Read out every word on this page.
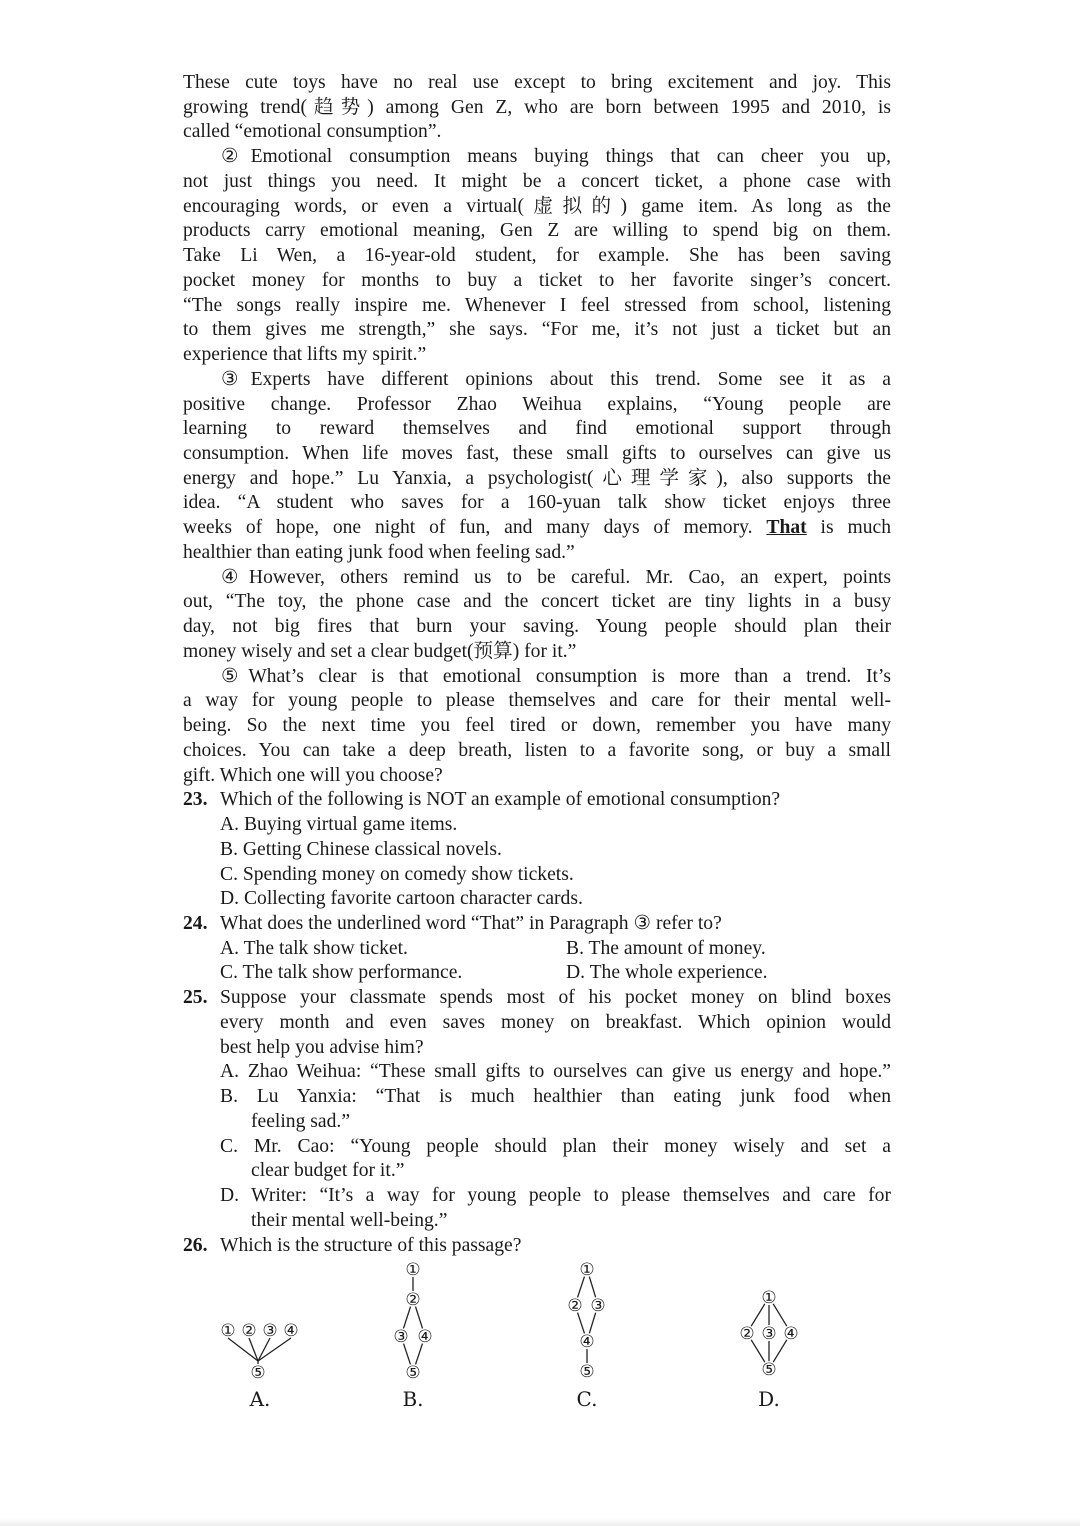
These cute toys have no real use except to bring excitement and joy. This
growing trend(趋势) among Gen Z, who are born between 1995 and 2010, is
called “emotional consumption”.
②Emotional consumption means buying things that can cheer you up,
not just things you need. It might be a concert ticket, a phone case with
encouraging words, or even a virtual(虚拟的) game item. As long as the
products carry emotional meaning, Gen Z are willing to spend big on them.
Take Li Wen, a 16-year-old student, for example. She has been saving
pocket money for months to buy a ticket to her favorite singer’s concert.
“The songs really inspire me. Whenever I feel stressed from school, listening
to them gives me strength,” she says. “For me, it’s not just a ticket but an
experience that lifts my spirit.”
③Experts have different opinions about this trend. Some see it as a
positive change. Professor Zhao Weihua explains, “Young people are
learning to reward themselves and find emotional support through
consumption. When life moves fast, these small gifts to ourselves can give us
energy and hope.” Lu Yanxia, a psychologist(心理学家), also supports the
idea. “A student who saves for a 160-yuan talk show ticket enjoys three
weeks of hope, one night of fun, and many days of memory. That is much
healthier than eating junk food when feeling sad.”
④However, others remind us to be careful. Mr. Cao, an expert, points
out, “The toy, the phone case and the concert ticket are tiny lights in a busy
day, not big fires that burn your saving. Young people should plan their
money wisely and set a clear budget(预算) for it.”
⑤What’s clear is that emotional consumption is more than a trend. It’s
a way for young people to please themselves and care for their mental well-
being. So the next time you feel tired or down, remember you have many
choices. You can take a deep breath, listen to a favorite song, or buy a small
gift. Which one will you choose?
23. Which of the following is NOT an example of emotional consumption?
A. Buying virtual game items.
B. Getting Chinese classical novels.
C. Spending money on comedy show tickets.
D. Collecting favorite cartoon character cards.
24. What does the underlined word “That” in Paragraph ③ refer to?
A. The talk show ticket.	B. The amount of money.
C. The talk show performance.	D. The whole experience.
25. Suppose your classmate spends most of his pocket money on blind boxes
every month and even saves money on breakfast. Which opinion would
best help you advise him?
A. Zhao Weihua: “These small gifts to ourselves can give us energy and hope.”
B. Lu Yanxia: “That is much healthier than eating junk food when
feeling sad.”
C. Mr. Cao: “Young people should plan their money wisely and set a
clear budget for it.”
D. Writer: “It’s a way for young people to please themselves and care for
their mental well-being.”
26. Which is the structure of this passage?
① ② ③ ④
⑤
A.
①
②
③ ④
⑤
B.
①
② ③
④
⑤
C.
①
② ③ ④
⑤
D.
